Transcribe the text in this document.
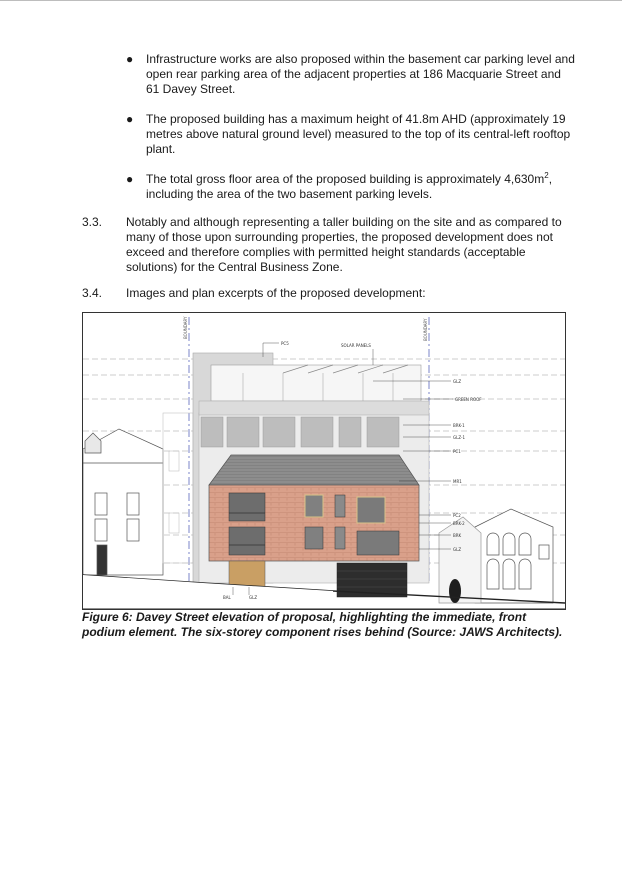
● Infrastructure works are also proposed within the basement car parking level and open rear parking area of the adjacent properties at 186 Macquarie Street and 61 Davey Street.
● The proposed building has a maximum height of 41.8m AHD (approximately 19 metres above natural ground level) measured to the top of its central-left rooftop plant.
● The total gross floor area of the proposed building is approximately $4,630m^2$, including the area of the two basement parking levels.
3.3. Notably and although representing a taller building on the site and as compared to many of those upon surrounding properties, the proposed development does not exceed and therefore complies with permitted height standards (acceptable solutions) for the Central Business Zone.
3.4. Images and plan excerpts of the proposed development:
BOUNDARY	BOUNDARY
PC5	SOLAR PANELS
GLZ
GREEN ROOF
BRK-1
GLZ-1
PC1
MR1
PC2
BRK-2
BRK
GLZ
BAL	GLZ
Figure 6: Davey Street elevation of proposal, highlighting the immediate, front podium element. The six-storey component rises behind (Source: JAWS Architects).
